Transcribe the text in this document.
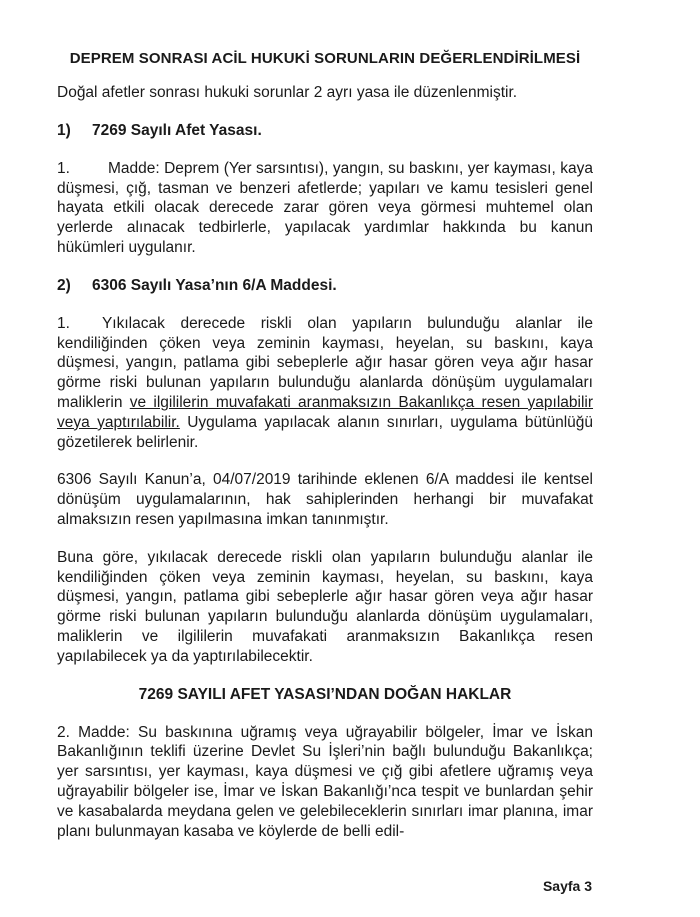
DEPREM SONRASI ACİL HUKUKİ SORUNLARIN DEĞERLENDİRİLMESİ

Doğal afetler sonrası hukuki sorunlar 2 ayrı yasa ile düzenlenmiştir.

1)	7269 Sayılı Afet Yasası.

1. Madde: Deprem (Yer sarsıntısı), yangın, su baskını, yer kayması, kaya düşmesi, çığ, tasman ve benzeri afetlerde; yapıları ve kamu tesisleri genel hayata etkili olacak derecede zarar gören veya görmesi muhtemel olan yerlerde alınacak tedbirlerle, yapılacak yardımlar hakkında bu kanun hükümleri uygulanır.

2)	6306 Sayılı Yasa’nın 6/A Maddesi.

1. Yıkılacak derecede riskli olan yapıların bulunduğu alanlar ile kendiliğinden çöken veya zeminin kayması, heyelan, su baskını, kaya düşmesi, yangın, patlama gibi sebeplerle ağır hasar gören veya ağır hasar görme riski bulunan yapıların bulunduğu alanlarda dönüşüm uygulamaları maliklerin ve ilgililerin muvafakati aranmaksızın Bakanlıkça resen yapılabilir veya yaptırılabilir. Uygulama yapılacak alanın sınırları, uygulama bütünlüğü gözetilerek belirlenir.

6306 Sayılı Kanun’a, 04/07/2019 tarihinde eklenen 6/A maddesi ile kentsel dönüşüm uygulamalarının, hak sahiplerinden herhangi bir muvafakat almaksızın resen yapılmasına imkan tanınmıştır.

Buna göre, yıkılacak derecede riskli olan yapıların bulunduğu alanlar ile kendiliğinden çöken veya zeminin kayması, heyelan, su baskını, kaya düşmesi, yangın, patlama gibi sebeplerle ağır hasar gören veya ağır hasar görme riski bulunan yapıların bulunduğu alanlarda dönüşüm uygulamaları, maliklerin ve ilgililerin muvafakati aranmaksızın Bakanlıkça resen yapılabilecek ya da yaptırılabilecektir.

7269 SAYILI AFET YASASI’NDAN DOĞAN HAKLAR

2. Madde: Su baskınına uğramış veya uğrayabilir bölgeler, İmar ve İskan Bakanlığının teklifi üzerine Devlet Su İşleri’nin bağlı bulunduğu Bakanlıkça; yer sarsıntısı, yer kayması, kaya düşmesi ve çığ gibi afetlere uğramış veya uğrayabilir bölgeler ise, İmar ve İskan Bakanlığı’nca tespit ve bunlardan şehir ve kasabalarda meydana gelen ve gelebileceklerin sınırları imar planına, imar planı bulunmayan kasaba ve köylerde de belli edil-

Sayfa 3
